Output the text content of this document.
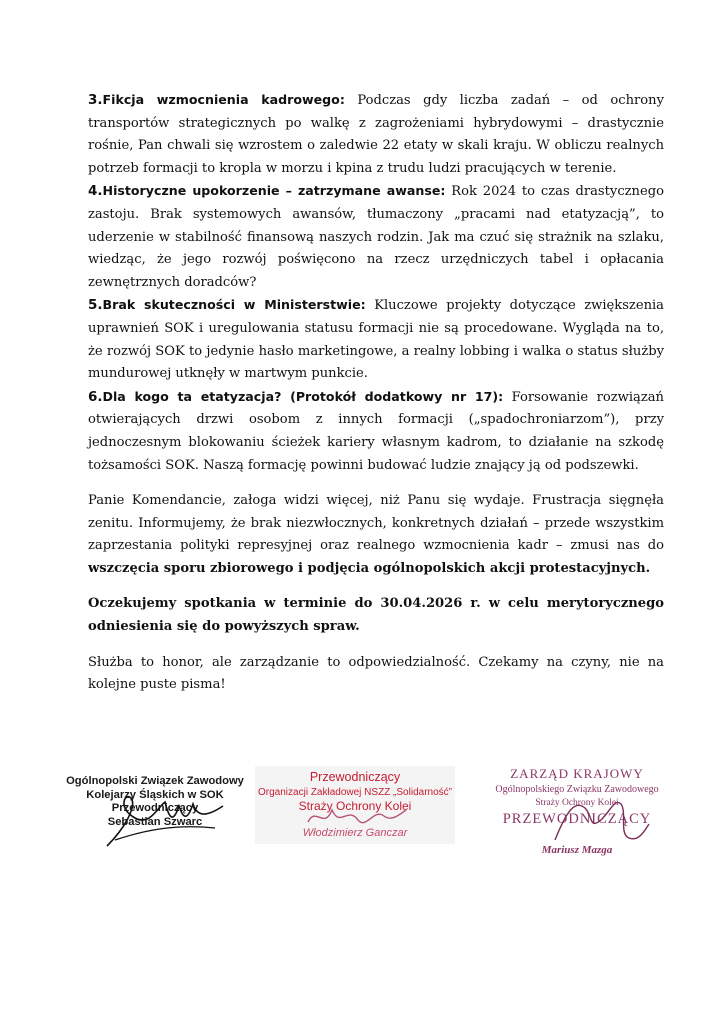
3.Fikcja wzmocnienia kadrowego: Podczas gdy liczba zadań – od ochrony transportów strategicznych po walkę z zagrożeniami hybrydowymi – drastycznie rośnie, Pan chwali się wzrostem o zaledwie 22 etaty w skali kraju. W obliczu realnych potrzeb formacji to kropla w morzu i kpina z trudu ludzi pracujących w terenie.

4.Historyczne upokorzenie – zatrzymane awanse: Rok 2024 to czas drastycznego zastoju. Brak systemowych awansów, tłumaczony „pracami nad etatyzacją”, to uderzenie w stabilność finansową naszych rodzin. Jak ma czuć się strażnik na szlaku, wiedząc, że jego rozwój poświęcono na rzecz urzędniczych tabel i opłacania zewnętrznych doradców?

5.Brak skuteczności w Ministerstwie: Kluczowe projekty dotyczące zwiększenia uprawnień SOK i uregulowania statusu formacji nie są procedowane. Wygląda na to, że rozwój SOK to jedynie hasło marketingowe, a realny lobbing i walka o status służby mundurowej utknęły w martwym punkcie.

6.Dla kogo ta etatyzacja? (Protokół dodatkowy nr 17): Forsowanie rozwiązań otwierających drzwi osobom z innych formacji („spadochroniarzom”), przy jednoczesnym blokowaniu ścieżek kariery własnym kadrom, to działanie na szkodę tożsamości SOK. Naszą formację powinni budować ludzie znający ją od podszewki.

Panie Komendancie, załoga widzi więcej, niż Panu się wydaje. Frustracja sięgnęła zenitu. Informujemy, że brak niezwłocznych, konkretnych działań – przede wszystkim zaprzestania polityki represyjnej oraz realnego wzmocnienia kadr – zmusi nas do wszczęcia sporu zbiorowego i podjęcia ogólnopolskich akcji protestacyjnych.

Oczekujemy spotkania w terminie do 30.04.2026 r. w celu merytorycznego odniesienia się do powyższych spraw.

Służba to honor, ale zarządzanie to odpowiedzialność. Czekamy na czyny, nie na kolejne puste pisma!

Ogólnopolski Związek Zawodowy
Kolejarzy Śląskich w SOK
Przewodniczący
Sebastian Szwarc
Przewodniczący
Organizacji Zakładowej NSZZ „Solidarność”
Straży Ochrony Kolei
Włodzimierz Ganczar
ZARZĄD KRAJOWY
Ogólnopolskiego Związku Zawodowego
Straży Ochrony Kolei
PRZEWODNICZĄCY
Mariusz Mazga
